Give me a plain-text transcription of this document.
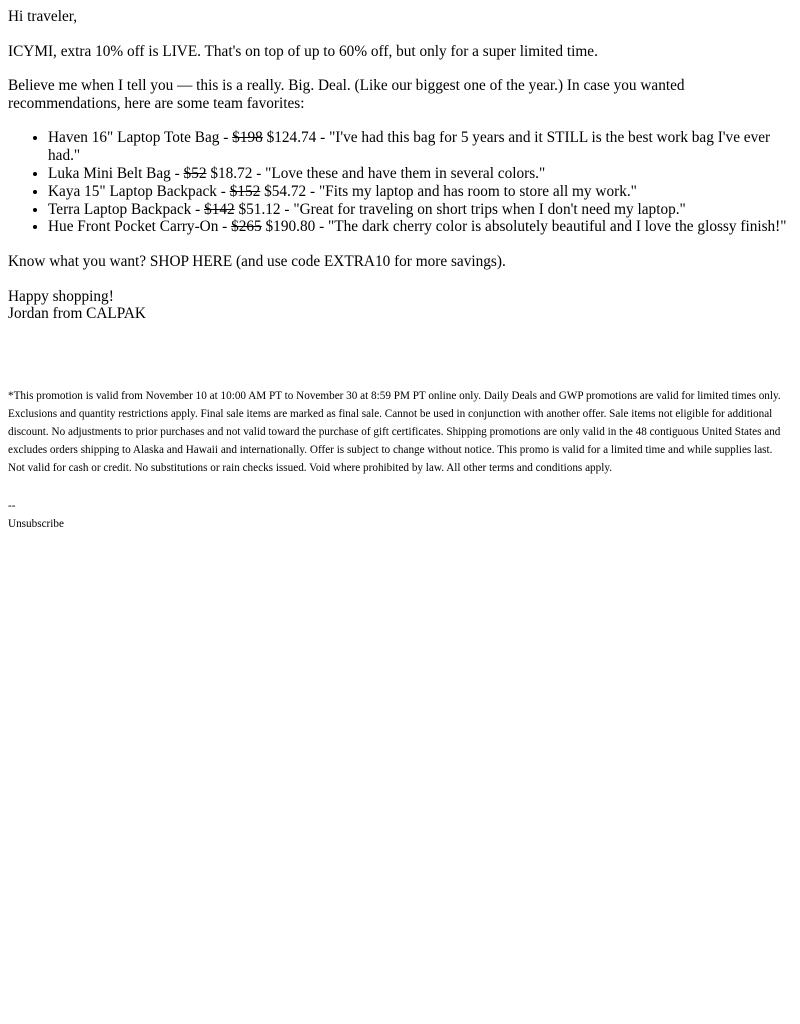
Hi traveler,

ICYMI, extra 10% off is LIVE. That's on top of up to 60% off, but only for a super limited time.

Believe me when I tell you — this is a really. Big. Deal. (Like our biggest one of the year.) In case you wanted recommendations, here are some team favorites:

• Haven 16" Laptop Tote Bag - $198 $124.74 - "I've had this bag for 5 years and it STILL is the best work bag I've ever had."
• Luka Mini Belt Bag - $52 $18.72 - "Love these and have them in several colors."
• Kaya 15" Laptop Backpack - $152 $54.72 - "Fits my laptop and has room to store all my work."
• Terra Laptop Backpack - $142 $51.12 - "Great for traveling on short trips when I don't need my laptop."
• Hue Front Pocket Carry-On - $265 $190.80 - "The dark cherry color is absolutely beautiful and I love the glossy finish!"

Know what you want? SHOP HERE (and use code EXTRA10 for more savings).

Happy shopping!
Jordan from CALPAK

*This promotion is valid from November 10 at 10:00 AM PT to November 30 at 8:59 PM PT online only. Daily Deals and GWP promotions are valid for limited times only. Exclusions and quantity restrictions apply. Final sale items are marked as final sale. Cannot be used in conjunction with another offer. Sale items not eligible for additional discount. No adjustments to prior purchases and not valid toward the purchase of gift certificates. Shipping promotions are only valid in the 48 contiguous United States and excludes orders shipping to Alaska and Hawaii and internationally. Offer is subject to change without notice. This promo is valid for a limited time and while supplies last. Not valid for cash or credit. No substitutions or rain checks issued. Void where prohibited by law. All other terms and conditions apply.

--
Unsubscribe
